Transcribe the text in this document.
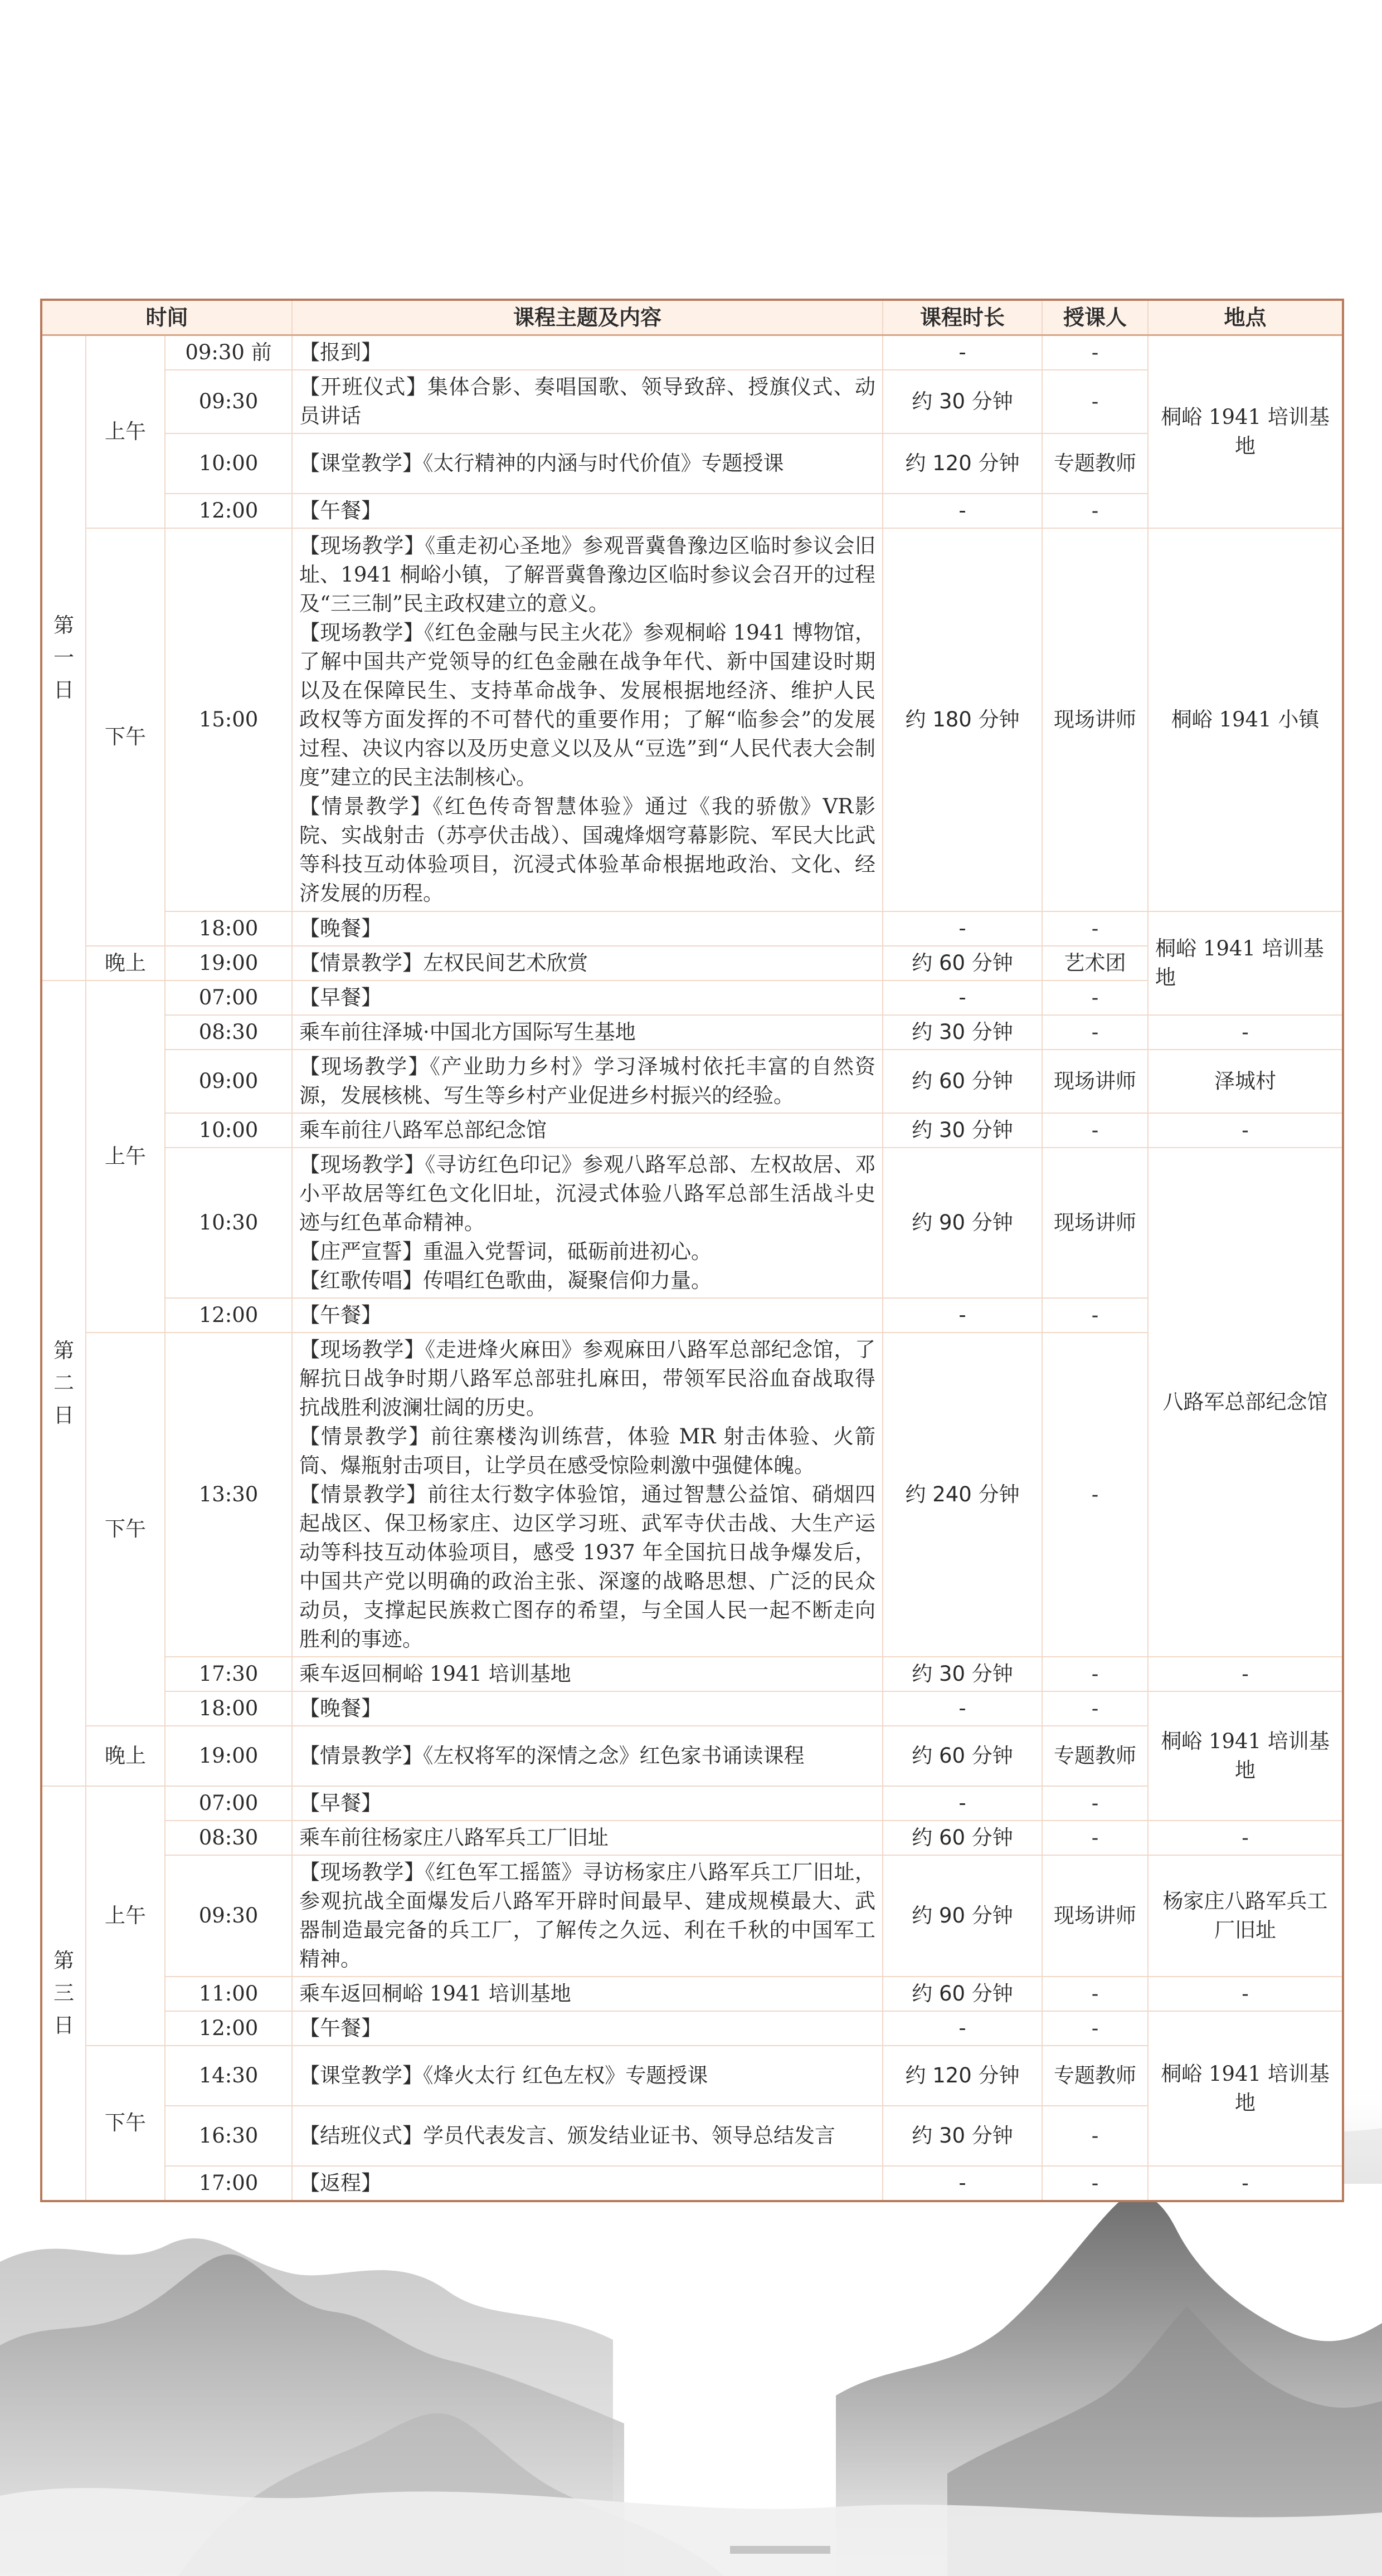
时间			课程主题及内容	课程时长	授课人	地点
第一日	上午	09:30 前	【报到】	-	-	桐峪 1941 培训基地
		09:30	【开班仪式】集体合影、奏唱国歌、领导致辞、授旗仪式、动员讲话	约 30 分钟	-	
		10:00	【课堂教学】《太行精神的内涵与时代价值》专题授课	约 120 分钟	专题教师	
		12:00	【午餐】	-	-	
	下午	15:00	【现场教学】《重走初心圣地》参观晋冀鲁豫边区临时参议会旧址、1941 桐峪小镇，了解晋冀鲁豫边区临时参议会召开的过程及“三三制”民主政权建立的意义。
【现场教学】《红色金融与民主火花》参观桐峪 1941 博物馆，了解中国共产党领导的红色金融在战争年代、新中国建设时期以及在保障民生、支持革命战争、发展根据地经济、维护人民政权等方面发挥的不可替代的重要作用；了解“临参会”的发展过程、决议内容以及历史意义以及从“豆选”到“人民代表大会制度”建立的民主法制核心。
【情景教学】《红色传奇智慧体验》通过《我的骄傲》VR影院、实战射击（苏亭伏击战）、国魂烽烟穹幕影院、军民大比武等科技互动体验项目，沉浸式体验革命根据地政治、文化、经济发展的历程。	约 180 分钟	现场讲师	桐峪 1941 小镇
		18:00	【晚餐】	-	-	桐峪 1941 培训基地
	晚上	19:00	【情景教学】左权民间艺术欣赏	约 60 分钟	艺术团	
第二日	上午	07:00	【早餐】	-	-	
		08:30	乘车前往泽城·中国北方国际写生基地	约 30 分钟	-	-
		09:00	【现场教学】《产业助力乡村》学习泽城村依托丰富的自然资源，发展核桃、写生等乡村产业促进乡村振兴的经验。	约 60 分钟	现场讲师	泽城村
		10:00	乘车前往八路军总部纪念馆	约 30 分钟	-	-
		10:30	【现场教学】《寻访红色印记》参观八路军总部、左权故居、邓小平故居等红色文化旧址，沉浸式体验八路军总部生活战斗史迹与红色革命精神。
【庄严宣誓】重温入党誓词，砥砺前进初心。
【红歌传唱】传唱红色歌曲，凝聚信仰力量。	约 90 分钟	现场讲师	八路军总部纪念馆
		12:00	【午餐】	-	-	
	下午	13:30	【现场教学】《走进烽火麻田》参观麻田八路军总部纪念馆，了解抗日战争时期八路军总部驻扎麻田，带领军民浴血奋战取得抗战胜利波澜壮阔的历史。
【情景教学】前往寨楼沟训练营，体验 MR 射击体验、火箭筒、爆瓶射击项目，让学员在感受惊险刺激中强健体魄。
【情景教学】前往太行数字体验馆，通过智慧公益馆、硝烟四起战区、保卫杨家庄、边区学习班、武军寺伏击战、大生产运动等科技互动体验项目，感受 1937 年全国抗日战争爆发后，中国共产党以明确的政治主张、深邃的战略思想、广泛的民众动员，支撑起民族救亡图存的希望，与全国人民一起不断走向胜利的事迹。	约 240 分钟	-	
		17:30	乘车返回桐峪 1941 培训基地	约 30 分钟	-	-
		18:00	【晚餐】	-	-	桐峪 1941 培训基地
	晚上	19:00	【情景教学】《左权将军的深情之念》红色家书诵读课程	约 60 分钟	专题教师	
第三日	上午	07:00	【早餐】	-	-	
		08:30	乘车前往杨家庄八路军兵工厂旧址	约 60 分钟	-	-
		09:30	【现场教学】《红色军工摇篮》寻访杨家庄八路军兵工厂旧址，参观抗战全面爆发后八路军开辟时间最早、建成规模最大、武器制造最完备的兵工厂，了解传之久远、利在千秋的中国军工精神。	约 90 分钟	现场讲师	杨家庄八路军兵工厂旧址
		11:00	乘车返回桐峪 1941 培训基地	约 60 分钟	-	-
		12:00	【午餐】	-	-	桐峪 1941 培训基地
	下午	14:30	【课堂教学】《烽火太行 红色左权》专题授课	约 120 分钟	专题教师	
		16:30	【结班仪式】学员代表发言、颁发结业证书、领导总结发言	约 30 分钟	-	
		17:00	【返程】	-	-	-
